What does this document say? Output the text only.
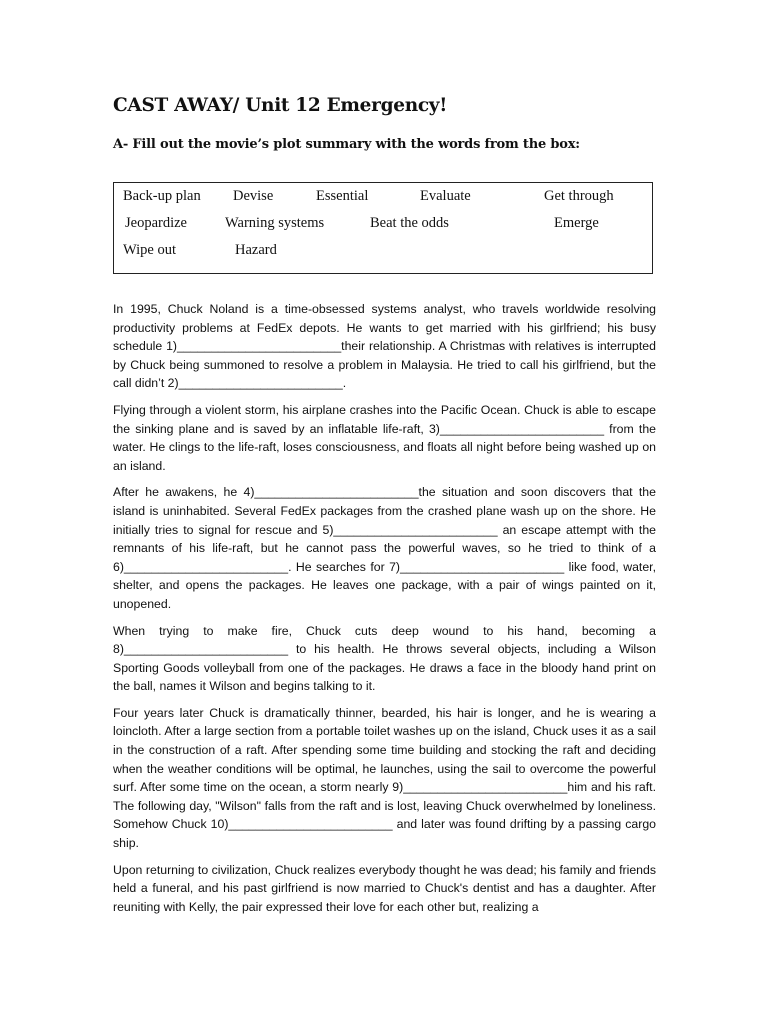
CAST AWAY/ Unit 12 Emergency!
A- Fill out the movie’s plot summary with the words from the box:
Back-up plan Devise	Essential	Evaluate	Get through
Jeopardize	Warning systems	Beat the odds	Emerge
Wipe out	Hazard

In 1995, Chuck Noland is a time-obsessed systems analyst, who travels worldwide resolving productivity problems at FedEx depots. He wants to get married with his girlfriend; his busy schedule 1)________________________their relationship. A Christmas with relatives is interrupted by Chuck being summoned to resolve a problem in Malaysia. He tried to call his girlfriend, but the call didn’t 2)________________________.

Flying through a violent storm, his airplane crashes into the Pacific Ocean. Chuck is able to escape the sinking plane and is saved by an inflatable life-raft, 3)________________________ from the water. He clings to the life-raft, loses consciousness, and floats all night before being washed up on an island.

After he awakens, he 4)________________________the situation and soon discovers that the island is uninhabited. Several FedEx packages from the crashed plane wash up on the shore. He initially tries to signal for rescue and 5)________________________ an escape attempt with the remnants of his life-raft, but he cannot pass the powerful waves, so he tried to think of a 6)________________________. He searches for 7)________________________ like food, water, shelter, and opens the packages. He leaves one package, with a pair of wings painted on it, unopened.

When trying to make fire, Chuck cuts deep wound to his hand, becoming a 8)________________________ to his health. He throws several objects, including a Wilson Sporting Goods volleyball from one of the packages. He draws a face in the bloody hand print on the ball, names it Wilson and begins talking to it.

Four years later Chuck is dramatically thinner, bearded, his hair is longer, and he is wearing a loincloth. After a large section from a portable toilet washes up on the island, Chuck uses it as a sail in the construction of a raft. After spending some time building and stocking the raft and deciding when the weather conditions will be optimal, he launches, using the sail to overcome the powerful surf. After some time on the ocean, a storm nearly 9)________________________him and his raft. The following day, "Wilson" falls from the raft and is lost, leaving Chuck overwhelmed by loneliness. Somehow Chuck 10)________________________ and later was found drifting by a passing cargo ship.

Upon returning to civilization, Chuck realizes everybody thought he was dead; his family and friends held a funeral, and his past girlfriend is now married to Chuck's dentist and has a daughter. After reuniting with Kelly, the pair expressed their love for each other but, realizing a
